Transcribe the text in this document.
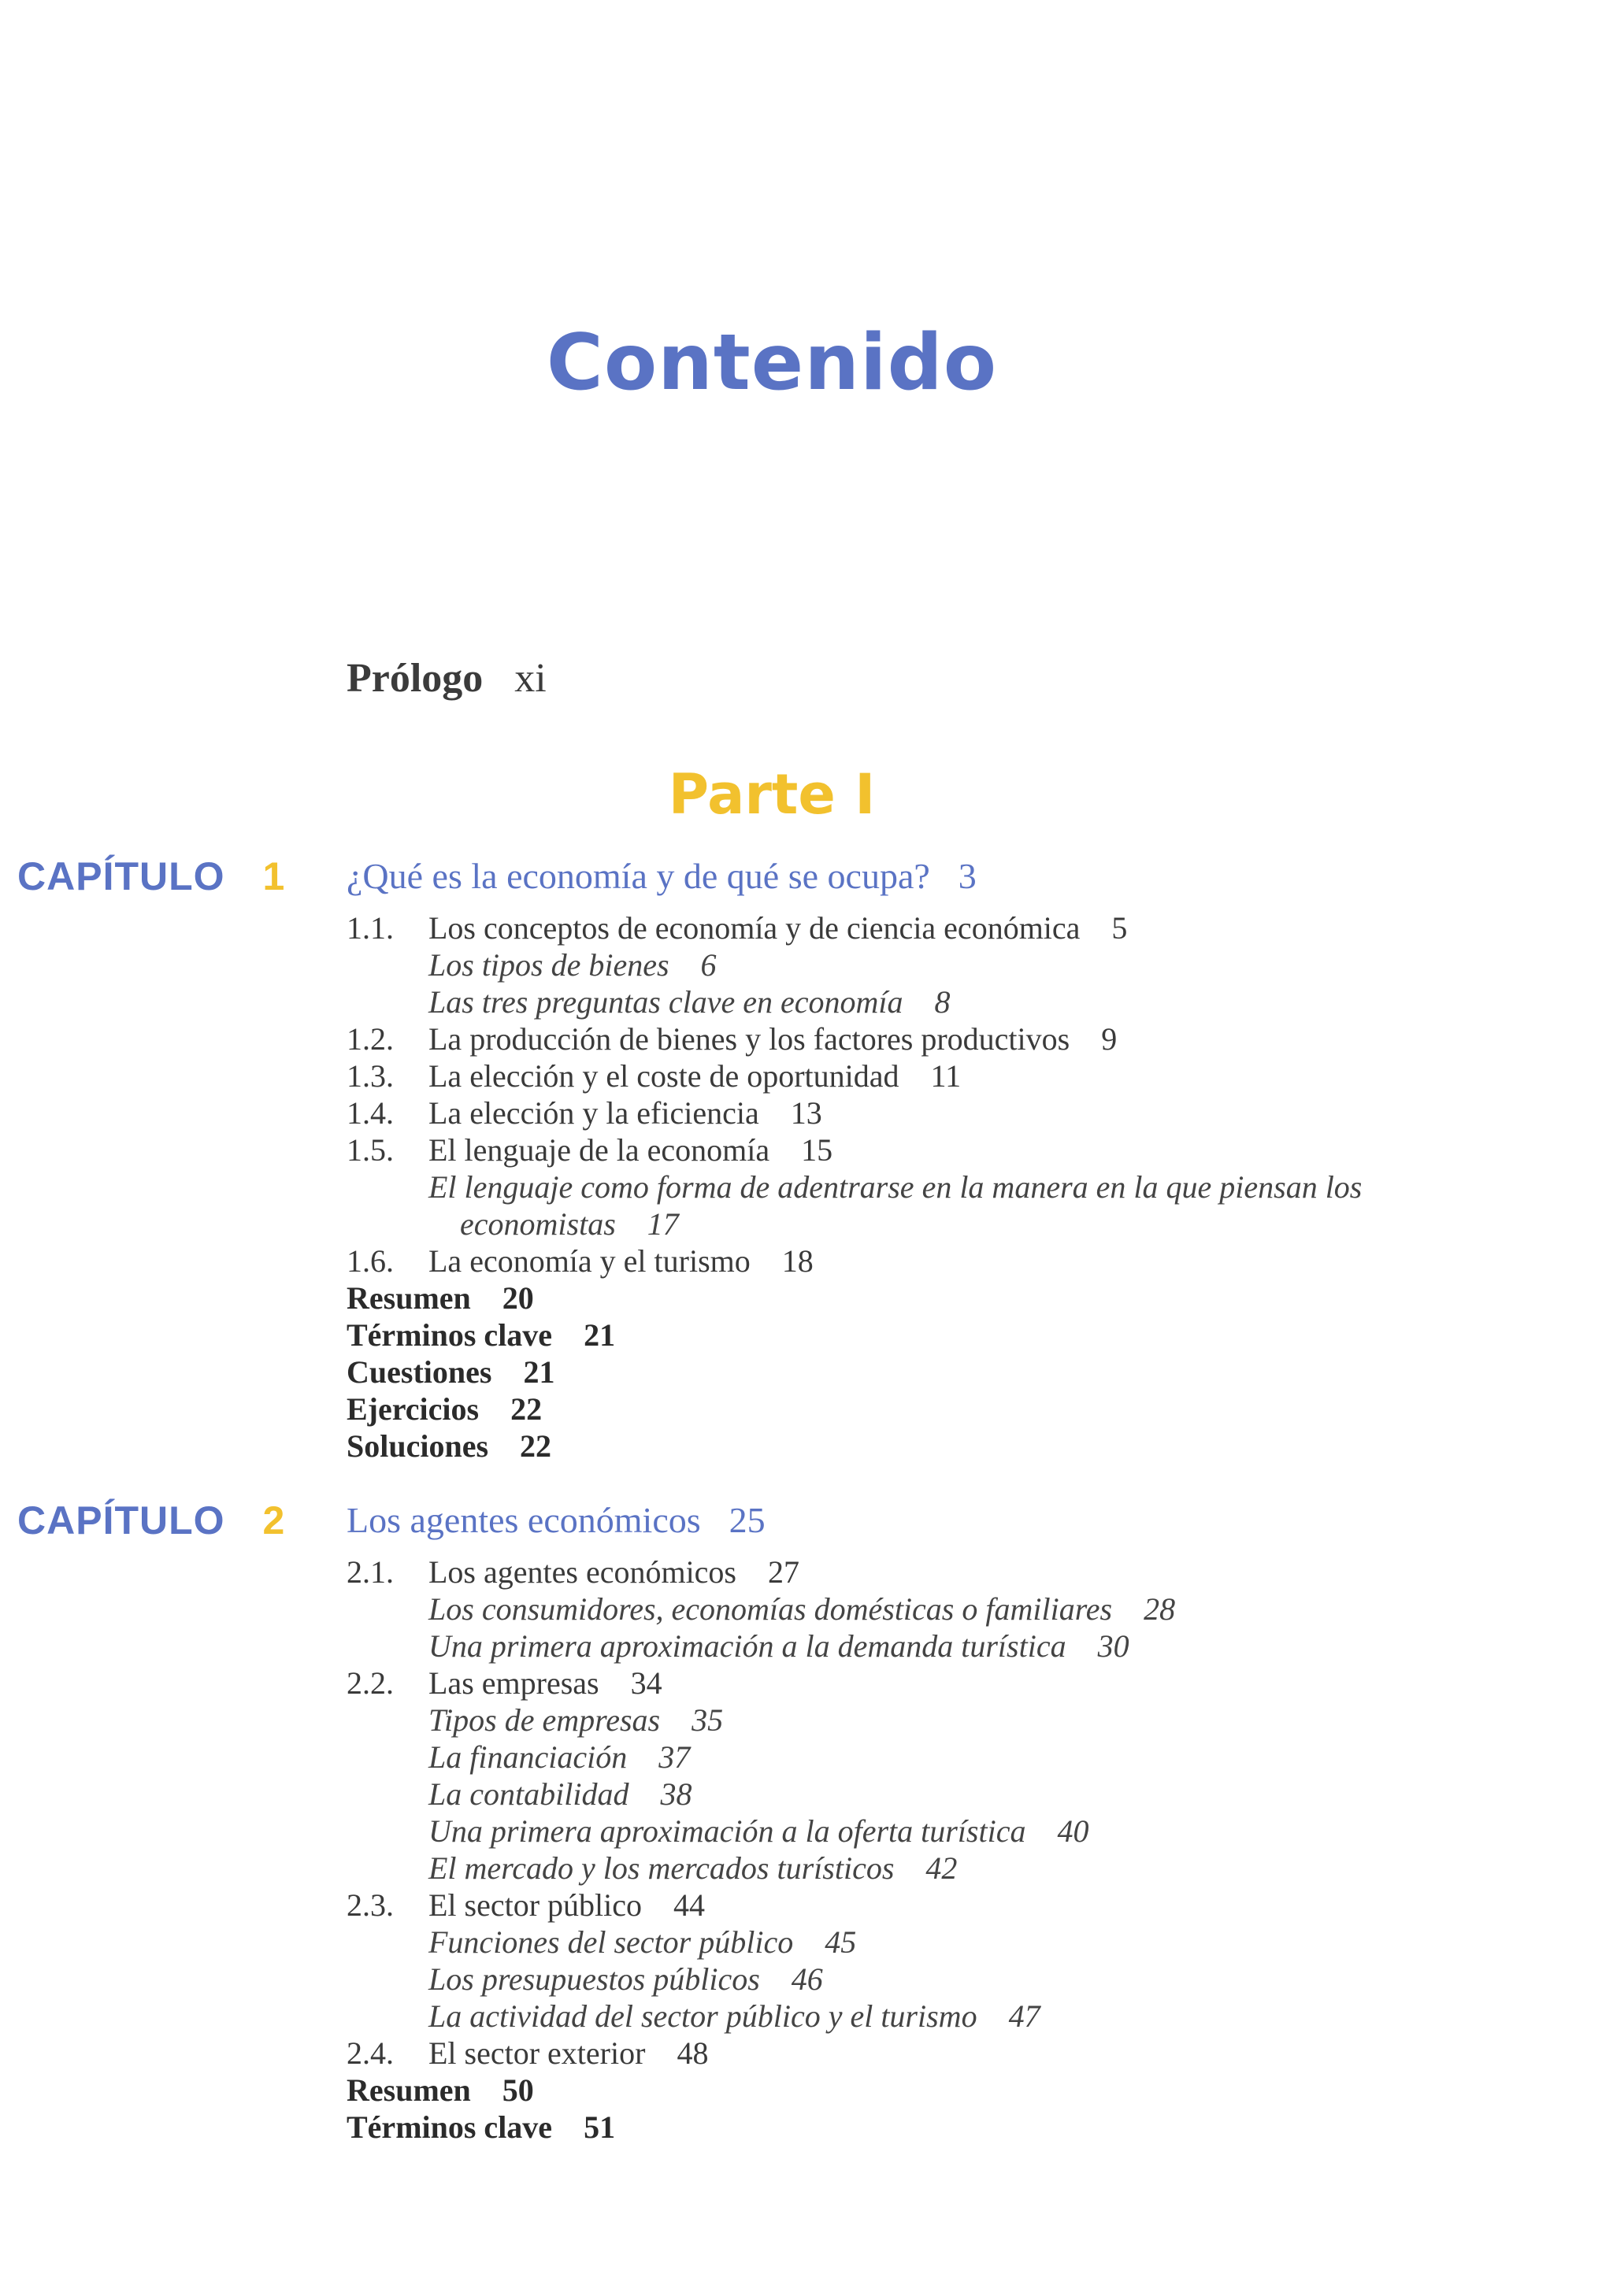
Contenido
Prólogo xi
Parte I
CAPÍTULO 1 ¿Qué es la economía y de qué se ocupa? 3
1.1. Los conceptos de economía y de ciencia económica 5
Los tipos de bienes 6
Las tres preguntas clave en economía 8
1.2. La producción de bienes y los factores productivos 9
1.3. La elección y el coste de oportunidad 11
1.4. La elección y la eficiencia 13
1.5. El lenguaje de la economía 15
El lenguaje como forma de adentrarse en la manera en la que piensan los
economistas 17
1.6. La economía y el turismo 18
Resumen 20
Términos clave 21
Cuestiones 21
Ejercicios 22
Soluciones 22
CAPÍTULO 2 Los agentes económicos 25
2.1. Los agentes económicos 27
Los consumidores, economías domésticas o familiares 28
Una primera aproximación a la demanda turística 30
2.2. Las empresas 34
Tipos de empresas 35
La financiación 37
La contabilidad 38
Una primera aproximación a la oferta turística 40
El mercado y los mercados turísticos 42
2.3. El sector público 44
Funciones del sector público 45
Los presupuestos públicos 46
La actividad del sector público y el turismo 47
2.4. El sector exterior 48
Resumen 50
Términos clave 51
